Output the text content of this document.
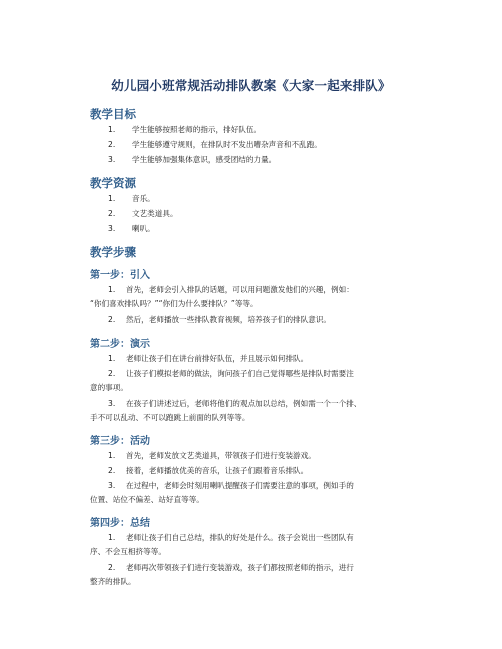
幼儿园小班常规活动排队教案《大家一起来排队》
教学目标
1. 学生能够按照老师的指示，排好队伍。
2. 学生能够遵守规则，在排队时不发出嘈杂声音和不乱跑。
3. 学生能够加强集体意识，感受团结的力量。
教学资源
1. 音乐。
2. 文艺类道具。
3. 喇叭。
教学步骤
第一步：引入
1. 首先，老师会引入排队的话题，可以用问题激发他们的兴趣，例如：
“你们喜欢排队吗？”“你们为什么要排队？”等等。
2. 然后，老师播放一些排队教育视频，培养孩子们的排队意识。
第二步：演示
1. 老师让孩子们在讲台前排好队伍，并且展示如何排队。
2. 让孩子们模拟老师的做法，询问孩子们自己觉得哪些是排队时需要注
意的事项。
3. 在孩子们讲述过后，老师将他们的观点加以总结，例如需一个一个排、
手不可以乱动、不可以跑跳上前面的队列等等。
第三步：活动
1. 首先，老师发放文艺类道具，带领孩子们进行变装游戏。
2. 接着，老师播放优美的音乐，让孩子们跟着音乐排队。
3. 在过程中，老师会时刻用喇叭提醒孩子们需要注意的事项，例如手的
位置、站位不偏差、站好直等等。
第四步：总结
1. 老师让孩子们自己总结，排队的好处是什么。孩子会说出一些团队有
序、不会互相挤等等。
2. 老师再次带领孩子们进行变装游戏，孩子们都按照老师的指示，进行
整齐的排队。
